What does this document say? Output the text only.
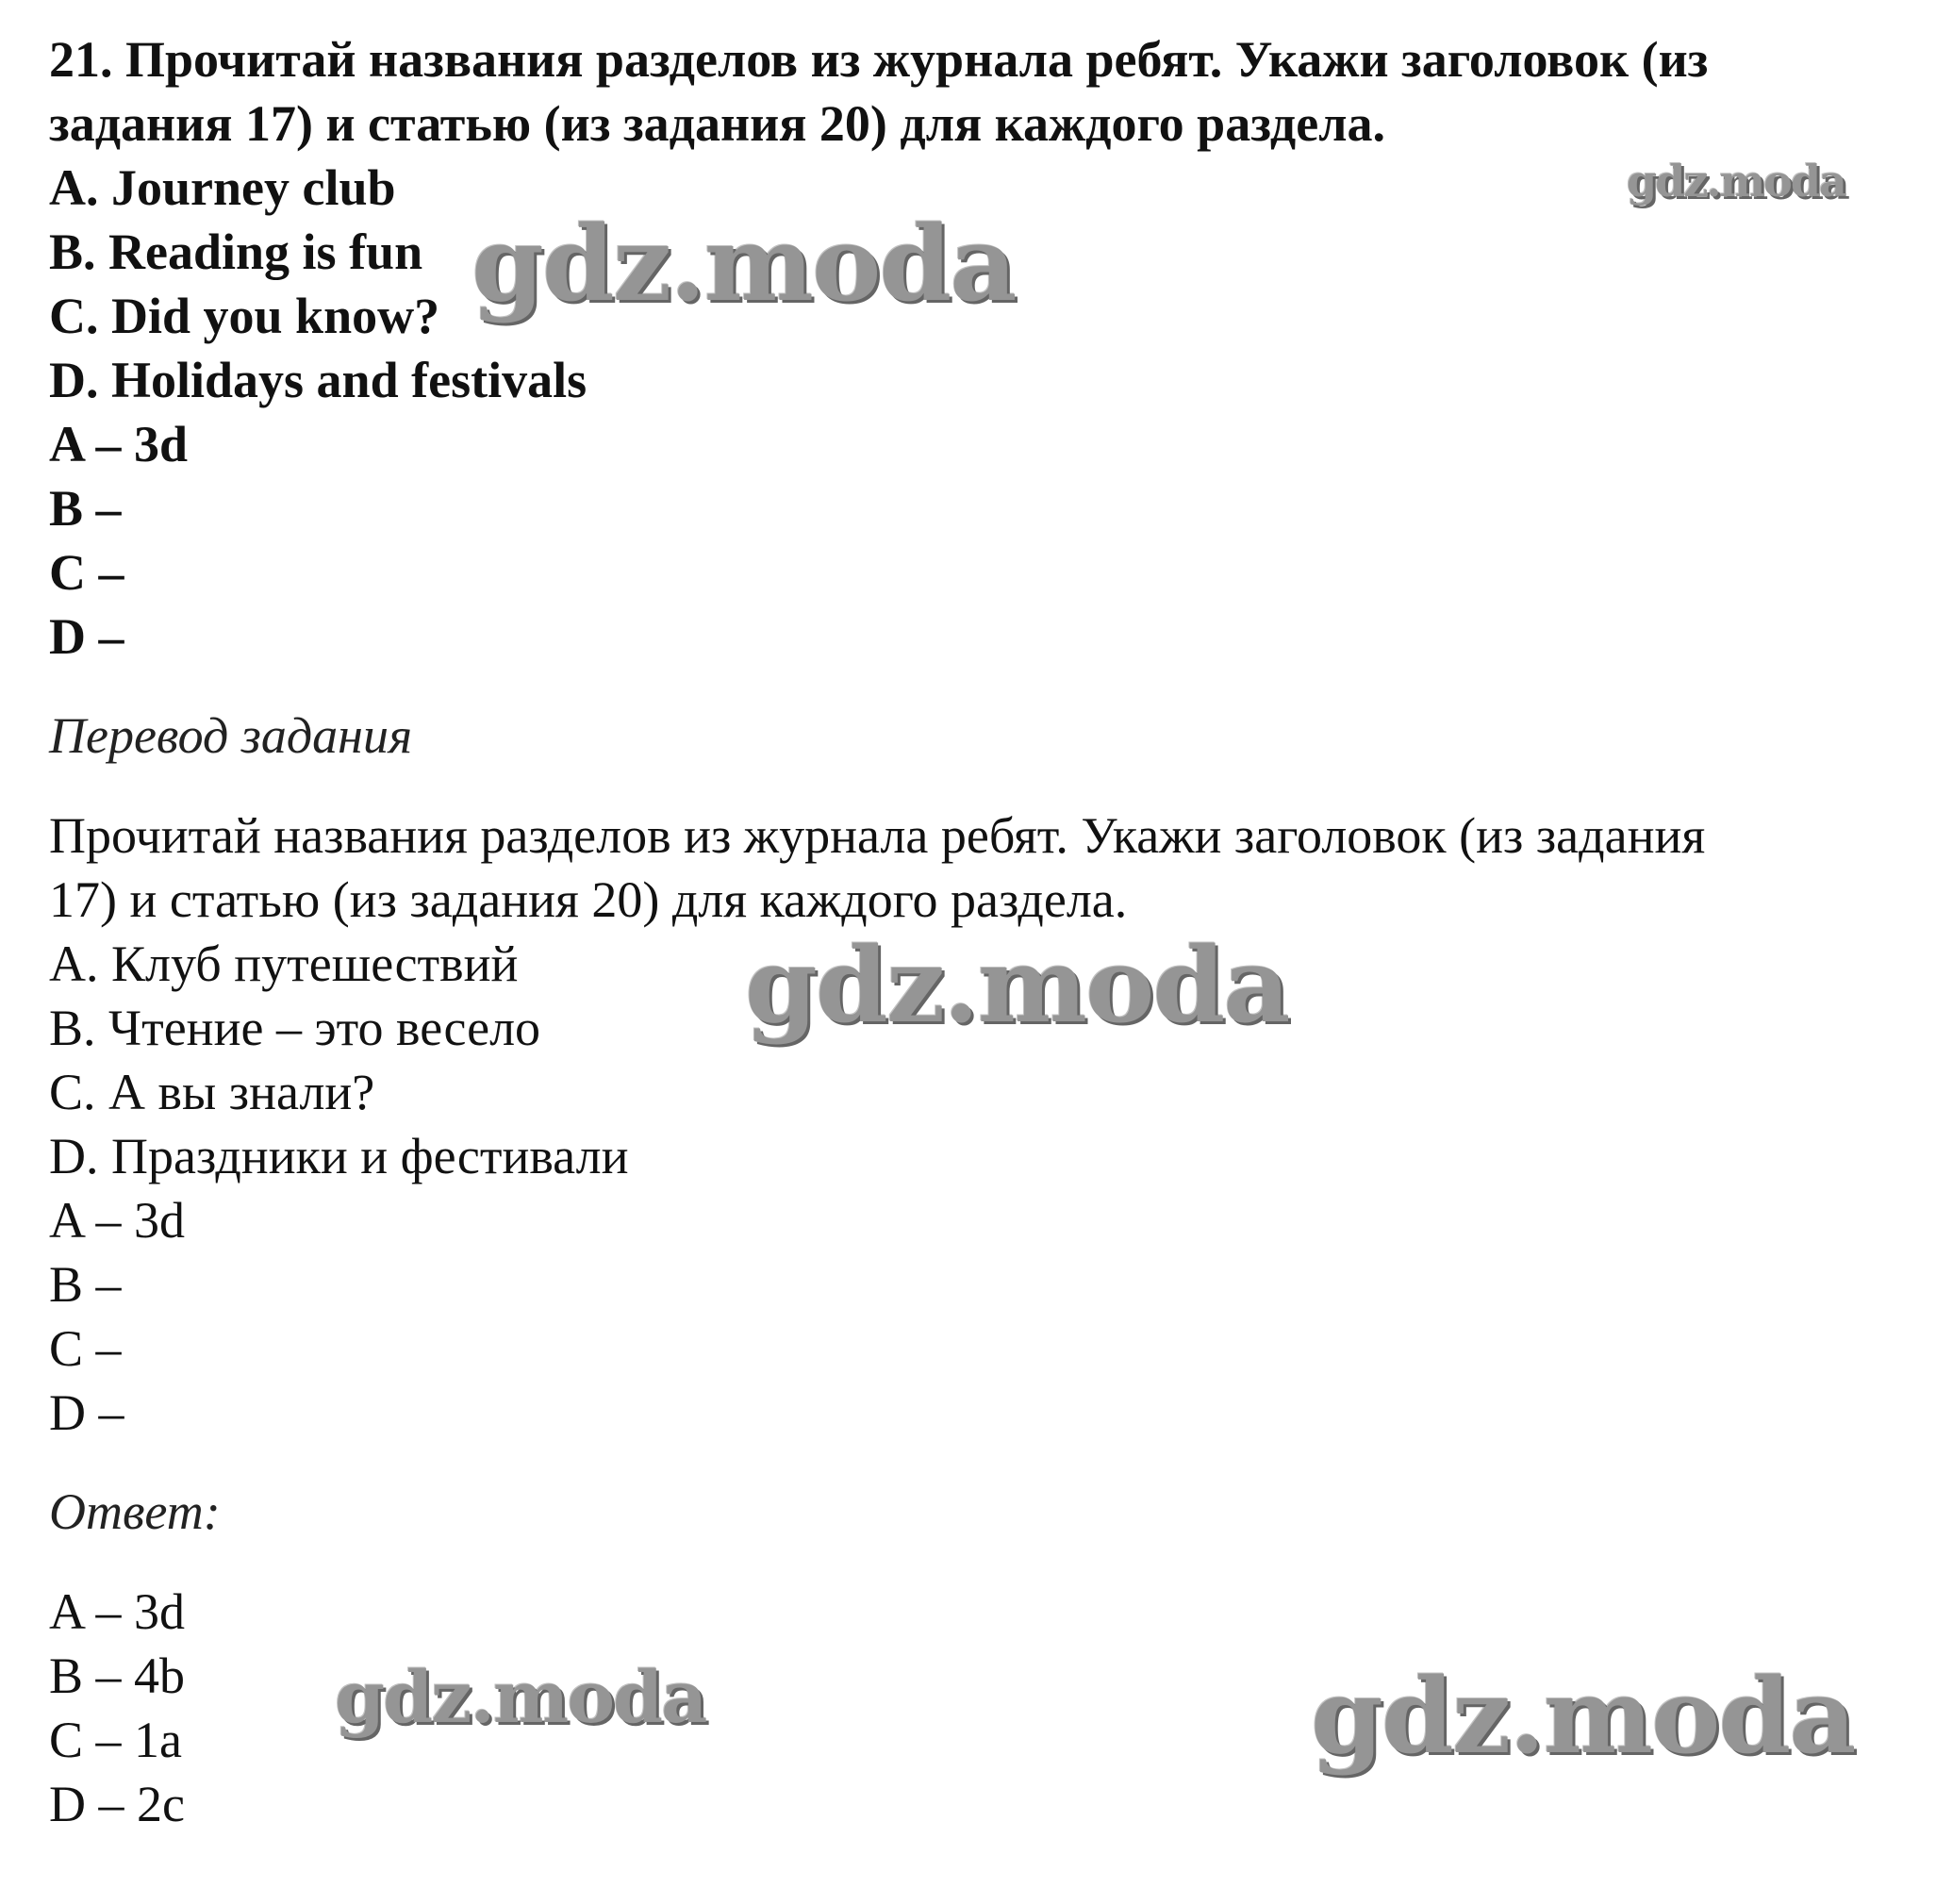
21. Прочитай названия разделов из журнала ребят. Укажи заголовок (из
задания 17) и статью (из задания 20) для каждого раздела.
A. Journey club
B. Reading is fun
C. Did you know?
D. Holidays and festivals
A – 3d
B –
C –
D –
Перевод задания
Прочитай названия разделов из журнала ребят. Укажи заголовок (из задания
17) и статью (из задания 20) для каждого раздела.
A. Клуб путешествий
B. Чтение – это весело
C. А вы знали?
D. Праздники и фестивали
A – 3d
B –
C –
D –
Ответ:
A – 3d
B – 4b
C – 1a
D – 2c
gdz.moda
gdz.moda
gdz.moda
gdz.moda	gdz.moda
